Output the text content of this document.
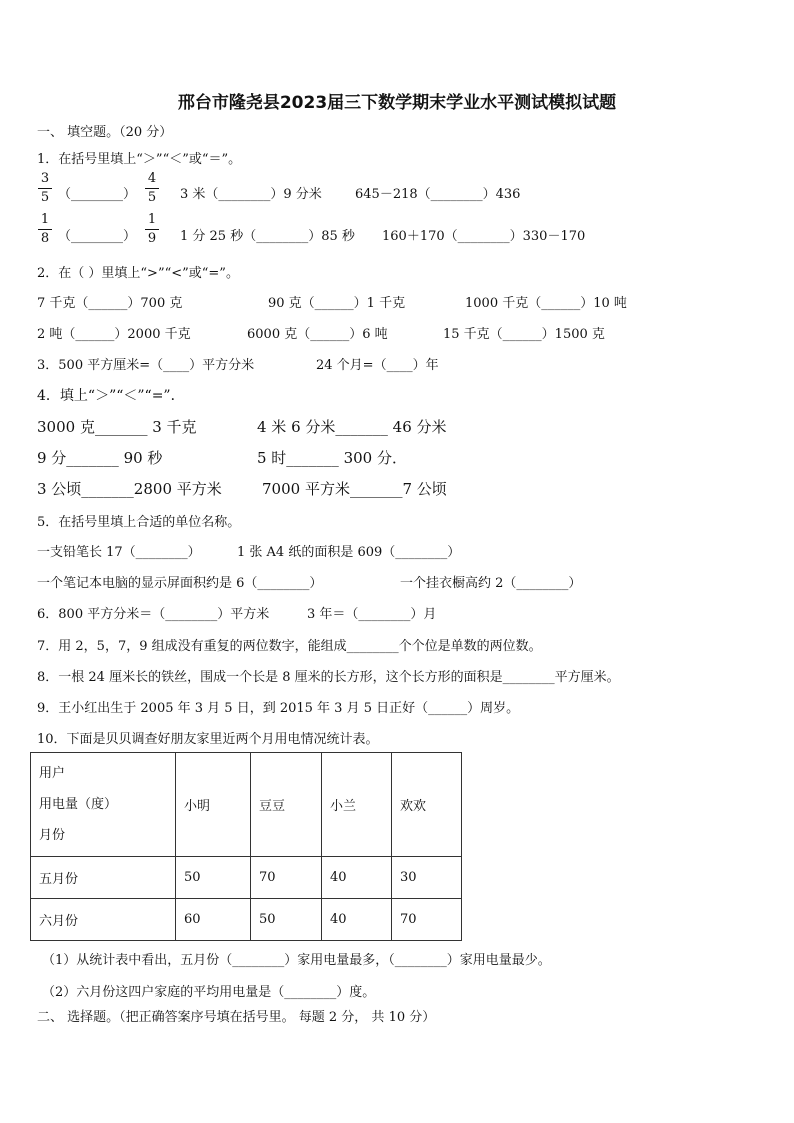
邢台市隆尧县2023届三下数学期末学业水平测试模拟试题
一、 填空题。（20 分）
1．在括号里填上“＞”“＜”或“＝”。
3
5 （________）
4
5 3 米（________）9 分米	645－218（________）436
1
8 （________）
1
9 1 分 25 秒（________）85 秒 160＋170（________）330－170
2．在（ ）里填上“>”“<”或“=”。
7 千克（______）700 克	90 克（______）1 千克	1000 千克（______）10 吨
2 吨（______）2000 千克	6000 克（______）6 吨	15 千克（______）1500 克
3．500 平方厘米=（____）平方分米	24 个月=（____）年
4．填上“＞”“＜”“=”．
3000 克_______ 3 千克	4 米 6 分米_______ 46 分米
9 分_______ 90 秒	5 时_______ 300 分．
3 公顷_______2800 平方米	7000 平方米_______7 公顷
5．在括号里填上合适的单位名称。
一支铅笔长 17（________）	1 张 A4 纸的面积是 609（________）
一个笔记本电脑的显示屏面积约是 6（________）	一个挂衣橱高约 2（________）
6．800 平方分米＝（________）平方米	3 年＝（________）月
7．用 2，5，7，9 组成没有重复的两位数字，能组成________个个位是单数的两位数。
8．一根 24 厘米长的铁丝，围成一个长是 8 厘米的长方形，这个长方形的面积是________平方厘米。
9．王小红出生于 2005 年 3 月 5 日，到 2015 年 3 月 5 日正好（______）周岁。
10．下面是贝贝调查好朋友家里近两个月用电情况统计表。
用户
用电量（度）
月份	小明	豆豆	小兰	欢欢
五月份	50	70	40	30
六月份	60	50	40	70
（1）从统计表中看出，五月份（________）家用电量最多，（________）家用电量最少。
（2）六月份这四户家庭的平均用电量是（________）度。
二、 选择题。（把正确答案序号填在括号里。 每题 2 分， 共 10 分）
